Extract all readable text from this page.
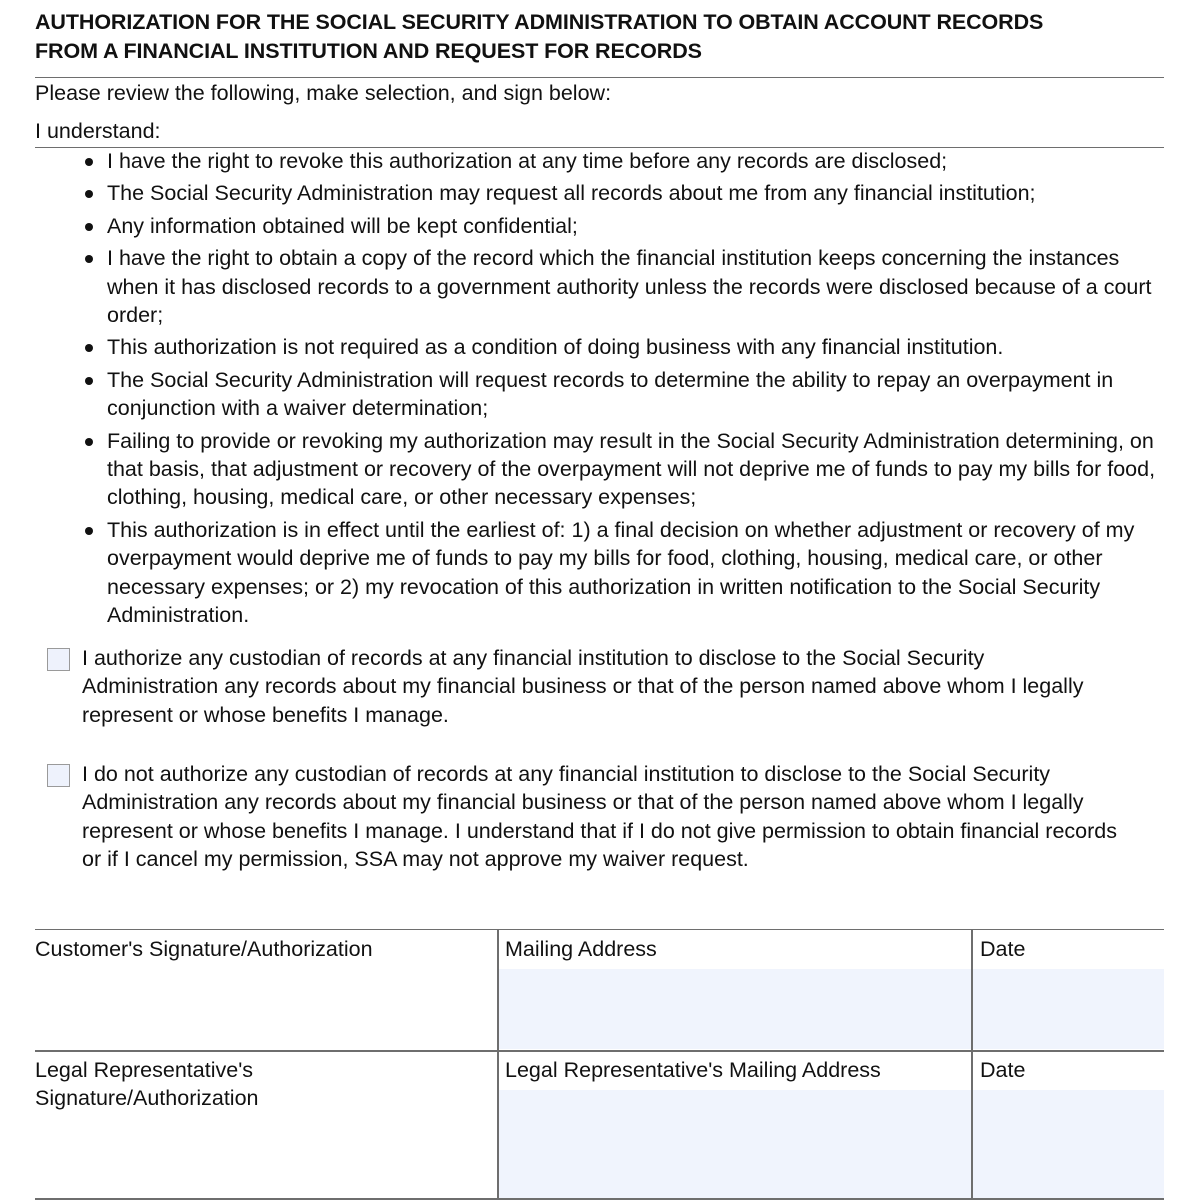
AUTHORIZATION FOR THE SOCIAL SECURITY ADMINISTRATION TO OBTAIN ACCOUNT RECORDS
FROM A FINANCIAL INSTITUTION AND REQUEST FOR RECORDS
Please review the following, make selection, and sign below:
I understand:
I have the right to revoke this authorization at any time before any records are disclosed;
The Social Security Administration may request all records about me from any financial institution;
Any information obtained will be kept confidential;
I have the right to obtain a copy of the record which the financial institution keeps concerning the instances when it has disclosed records to a government authority unless the records were disclosed because of a court order;
This authorization is not required as a condition of doing business with any financial institution.
The Social Security Administration will request records to determine the ability to repay an overpayment in conjunction with a waiver determination;
Failing to provide or revoking my authorization may result in the Social Security Administration determining, on that basis, that adjustment or recovery of the overpayment will not deprive me of funds to pay my bills for food, clothing, housing, medical care, or other necessary expenses;
This authorization is in effect until the earliest of: 1) a final decision on whether adjustment or recovery of my overpayment would deprive me of funds to pay my bills for food, clothing, housing, medical care, or other necessary expenses; or 2) my revocation of this authorization in written notification to the Social Security Administration.
I authorize any custodian of records at any financial institution to disclose to the Social Security Administration any records about my financial business or that of the person named above whom I legally represent or whose benefits I manage.
I do not authorize any custodian of records at any financial institution to disclose to the Social Security Administration any records about my financial business or that of the person named above whom I legally represent or whose benefits I manage. I understand that if I do not give permission to obtain financial records or if I cancel my permission, SSA may not approve my waiver request.
Customer's Signature/Authorization	Mailing Address	Date
Legal Representative's
Signature/Authorization
Legal Representative's Mailing Address	Date
